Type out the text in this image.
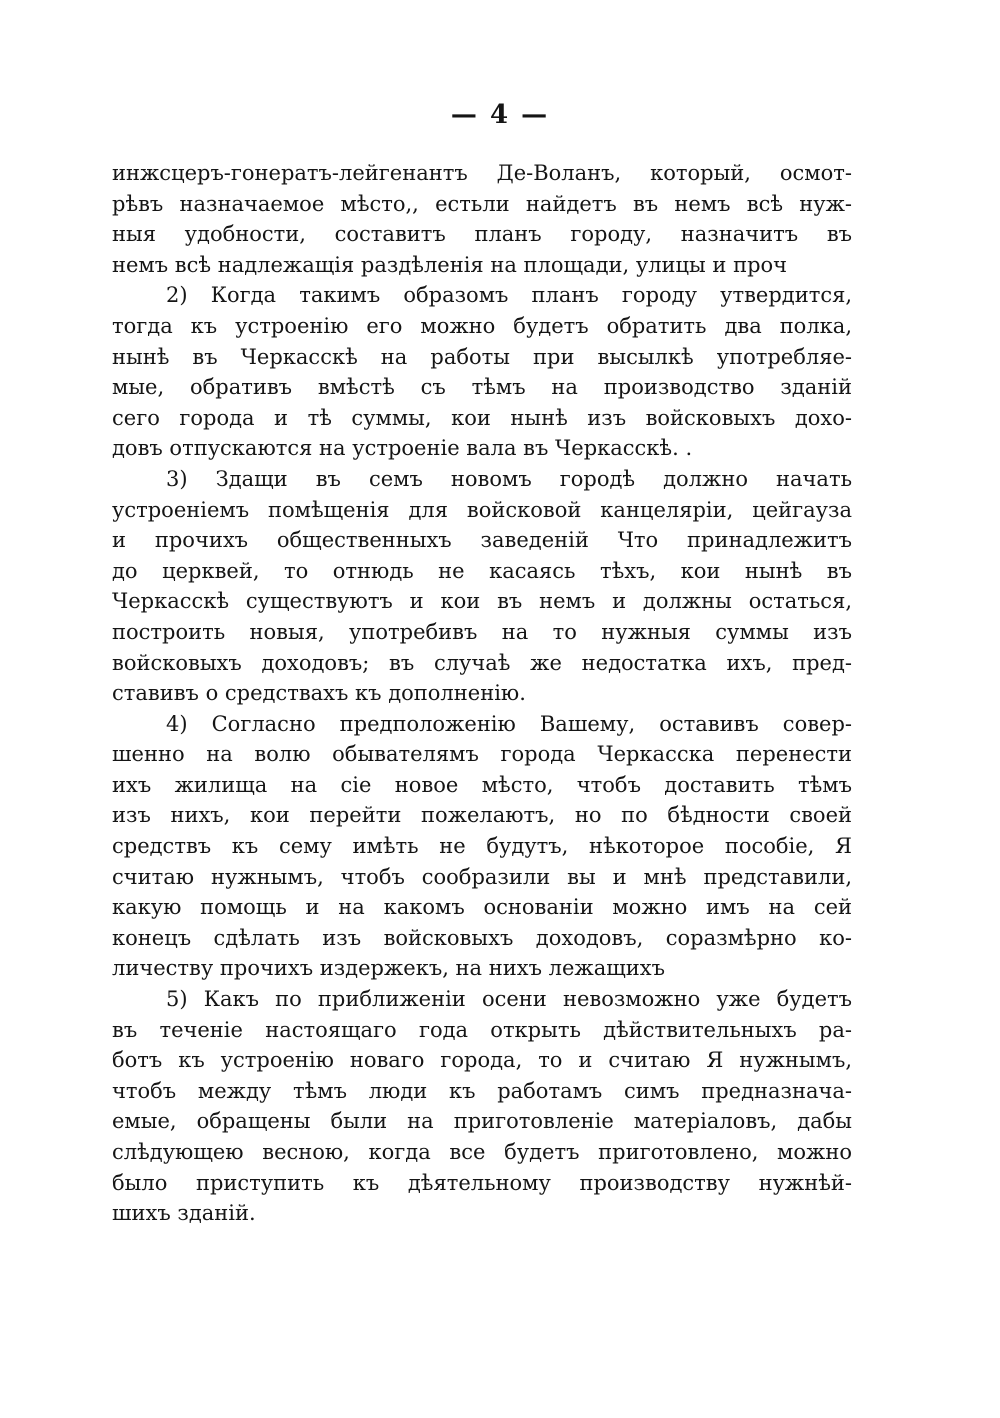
— 4 —
инжсцеръ-гонератъ-лейгенантъ Де-Воланъ, который, осмот-
рѣвъ назначаемое мѣсто,, естьли найдетъ въ немъ всѣ нуж-
ныя удобности, составитъ планъ городу, назначитъ въ
немъ всѣ надлежащія раздѣленія на площади, улицы и проч
2) Когда такимъ образомъ планъ городу утвердится,
тогда къ устроенію его можно будетъ обратить два полка,
нынѣ въ Черкасскѣ на работы при высылкѣ употребляе-
мые, обративъ вмѣстѣ съ тѣмъ на производство зданій
сего города и тѣ суммы, кои нынѣ изъ войсковыхъ дохо-
довъ отпускаются на устроеніе вала въ Черкасскѣ. .
3) Здащи въ семъ новомъ городѣ должно начать
устроеніемъ помѣщенія для войсковой канцеляріи, цейгауза
и прочихъ общественныхъ заведеній Что принадлежитъ
до церквей, то отнюдь не касаясь тѣхъ, кои нынѣ въ
Черкасскѣ существуютъ и кои въ немъ и должны остаться,
построить новыя, употребивъ на то нужныя суммы изъ
войсковыхъ доходовъ; въ случаѣ же недостатка ихъ, пред-
ставивъ о средствахъ къ дополненію.
4) Согласно предположенію Вашему, оставивъ совер-
шенно на волю обывателямъ города Черкасска перенести
ихъ жилища на сіе новое мѣсто, чтобъ доставить тѣмъ
изъ нихъ, кои перейти пожелаютъ, но по бѣдности своей
средствъ къ сему имѣть не будутъ, нѣкоторое пособіе, Я
считаю нужнымъ, чтобъ сообразили вы и мнѣ представили,
какую помощь и на какомъ основаніи можно имъ на сей
конецъ сдѣлать изъ войсковыхъ доходовъ, соразмѣрно ко-
личеству прочихъ издержекъ, на нихъ лежащихъ
5) Какъ по приближеніи осени невозможно уже будетъ
въ теченіе настоящаго года открыть дѣйствительныхъ ра-
ботъ къ устроенію новаго города, то и считаю Я нужнымъ,
чтобъ между тѣмъ люди къ работамъ симъ предназнача-
емые, обращены были на приготовленіе матеріаловъ, дабы
слѣдующею весною, когда все будетъ приготовлено, можно
было приступить къ дѣятельному производству нужнѣй-
шихъ зданій.
